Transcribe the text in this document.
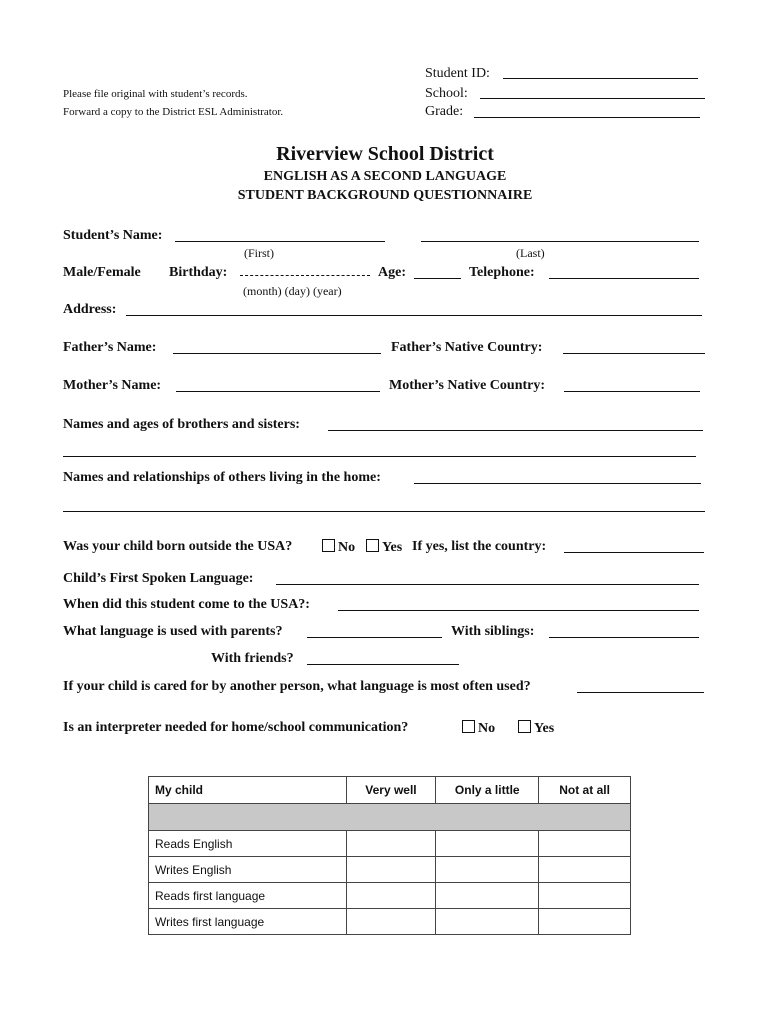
Please file original with student’s records.
Forward a copy to the District ESL Administrator.
Student ID:
School:
Grade:
Riverview School District
ENGLISH AS A SECOND LANGUAGE
STUDENT BACKGROUND QUESTIONNAIRE
Student’s Name:
(First)	(Last)
Male/Female Birthday:	Age:	Telephone:
(month) (day) (year)
Address:
Father’s Name:	Father’s Native Country:
Mother’s Name:	Mother’s Native Country:
Names and ages of brothers and sisters:
Names and relationships of others living in the home:
Was your child born outside the USA?	No	Yes If yes, list the country:
Child’s First Spoken Language:
When did this student come to the USA?:
What language is used with parents?	With siblings:
With friends?
If your child is cared for by another person, what language is most often used?
Is an interpreter needed for home/school communication?	No	Yes
My child	Very well	Only a little	Not at all

Reads English			
Writes English			
Reads first language			
Writes first language			
